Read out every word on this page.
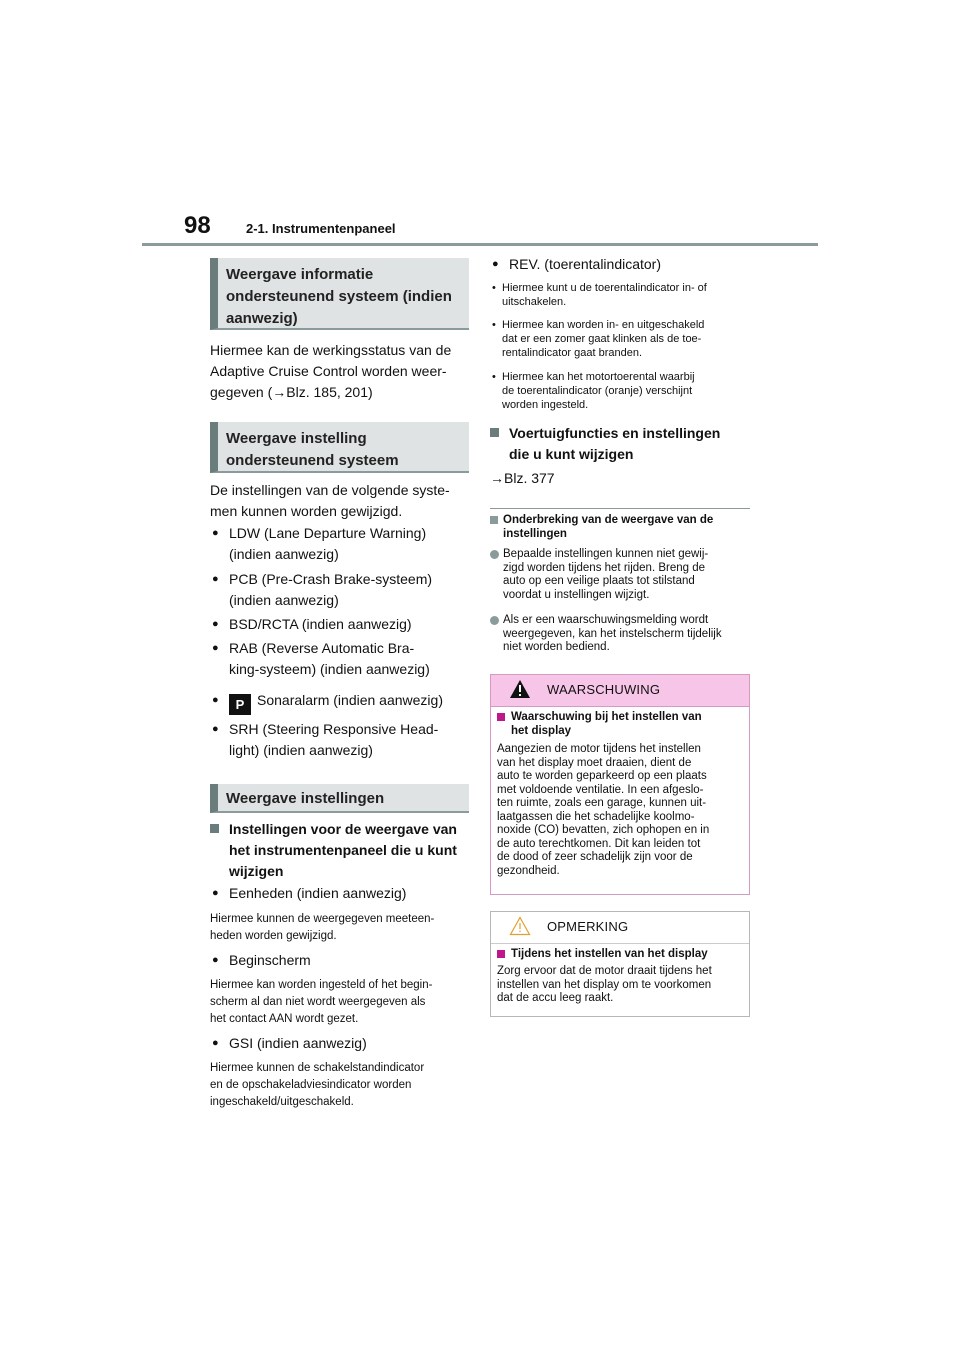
98	2-1. Instrumentenpaneel
Weergave informatie ondersteunend systeem (indien aanwezig)
Hiermee kan de werkingsstatus van de
Adaptive Cruise Control worden weer-
gegeven (→Blz. 185, 201)
Weergave instelling ondersteunend systeem
De instellingen van de volgende syste-
men kunnen worden gewijzigd.
● LDW (Lane Departure Warning)
(indien aanwezig)
● PCB (Pre-Crash Brake-systeem)
(indien aanwezig)
● BSD/RCTA (indien aanwezig)
● RAB (Reverse Automatic Bra-
king-systeem) (indien aanwezig)
● P Sonaralarm (indien aanwezig)
● SRH (Steering Responsive Head-
light) (indien aanwezig)
Weergave instellingen
Instellingen voor de weergave van
het instrumentenpaneel die u kunt
wijzigen
● Eenheden (indien aanwezig)
Hiermee kunnen de weergegeven meeteen-
heden worden gewijzigd.
● Beginscherm
Hiermee kan worden ingesteld of het begin-
scherm al dan niet wordt weergegeven als
het contact AAN wordt gezet.
● GSI (indien aanwezig)
Hiermee kunnen de schakelstandindicator
en de opschakeladviesindicator worden
ingeschakeld/uitgeschakeld.
● REV. (toerentalindicator)
• Hiermee kunt u de toerentalindicator in- of
uitschakelen.
• Hiermee kan worden in- en uitgeschakeld
dat er een zomer gaat klinken als de toe-
rentalindicator gaat branden.
• Hiermee kan het motortoerental waarbij
de toerentalindicator (oranje) verschijnt
worden ingesteld.
Voertuigfuncties en instellingen
die u kunt wijzigen
→Blz. 377
Onderbreking van de weergave van de
instellingen
Bepaalde instellingen kunnen niet gewij-
zigd worden tijdens het rijden. Breng de
auto op een veilige plaats tot stilstand
voordat u instellingen wijzigt.
Als er een waarschuwingsmelding wordt
weergegeven, kan het instelscherm tijdelijk
niet worden bediend.
WAARSCHUWING
Waarschuwing bij het instellen van
het display
Aangezien de motor tijdens het instellen
van het display moet draaien, dient de
auto te worden geparkeerd op een plaats
met voldoende ventilatie. In een afgeslo-
ten ruimte, zoals een garage, kunnen uit-
laatgassen die het schadelijke koolmo-
noxide (CO) bevatten, zich ophopen en in
de auto terechtkomen. Dit kan leiden tot
de dood of zeer schadelijk zijn voor de
gezondheid.
OPMERKING
Tijdens het instellen van het display
Zorg ervoor dat de motor draait tijdens het
instellen van het display om te voorkomen
dat de accu leeg raakt.
